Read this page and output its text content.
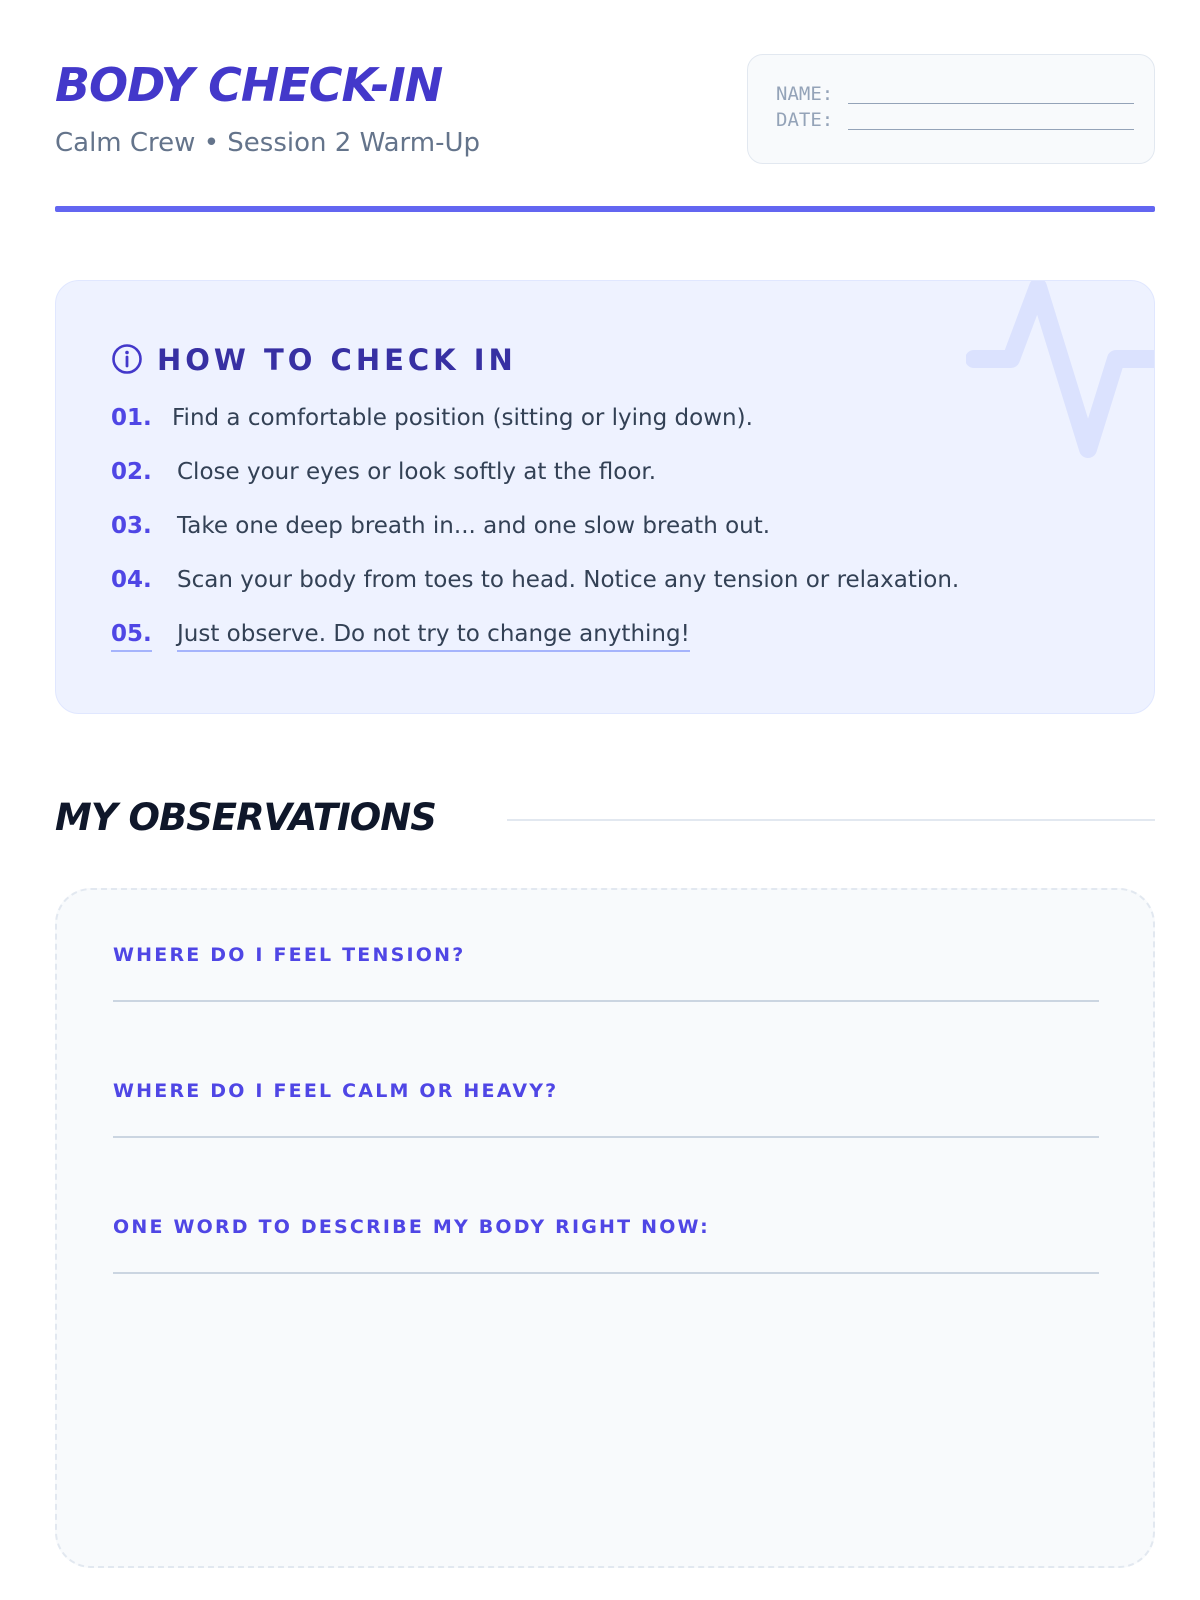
BODY CHECK-IN
Calm Crew • Session 2 Warm-Up
NAME:
DATE:
HOW TO CHECK IN
01. Find a comfortable position (sitting or lying down).
02.	Close your eyes or look softly at the floor.
03.	Take one deep breath in... and one slow breath out.
04.	Scan your body from toes to head. Notice any tension or relaxation.
05. Just observe. Do not try to change anything!
MY OBSERVATIONS
WHERE DO I FEEL TENSION?
WHERE DO I FEEL CALM OR HEAVY?
ONE WORD TO DESCRIBE MY BODY RIGHT NOW:
